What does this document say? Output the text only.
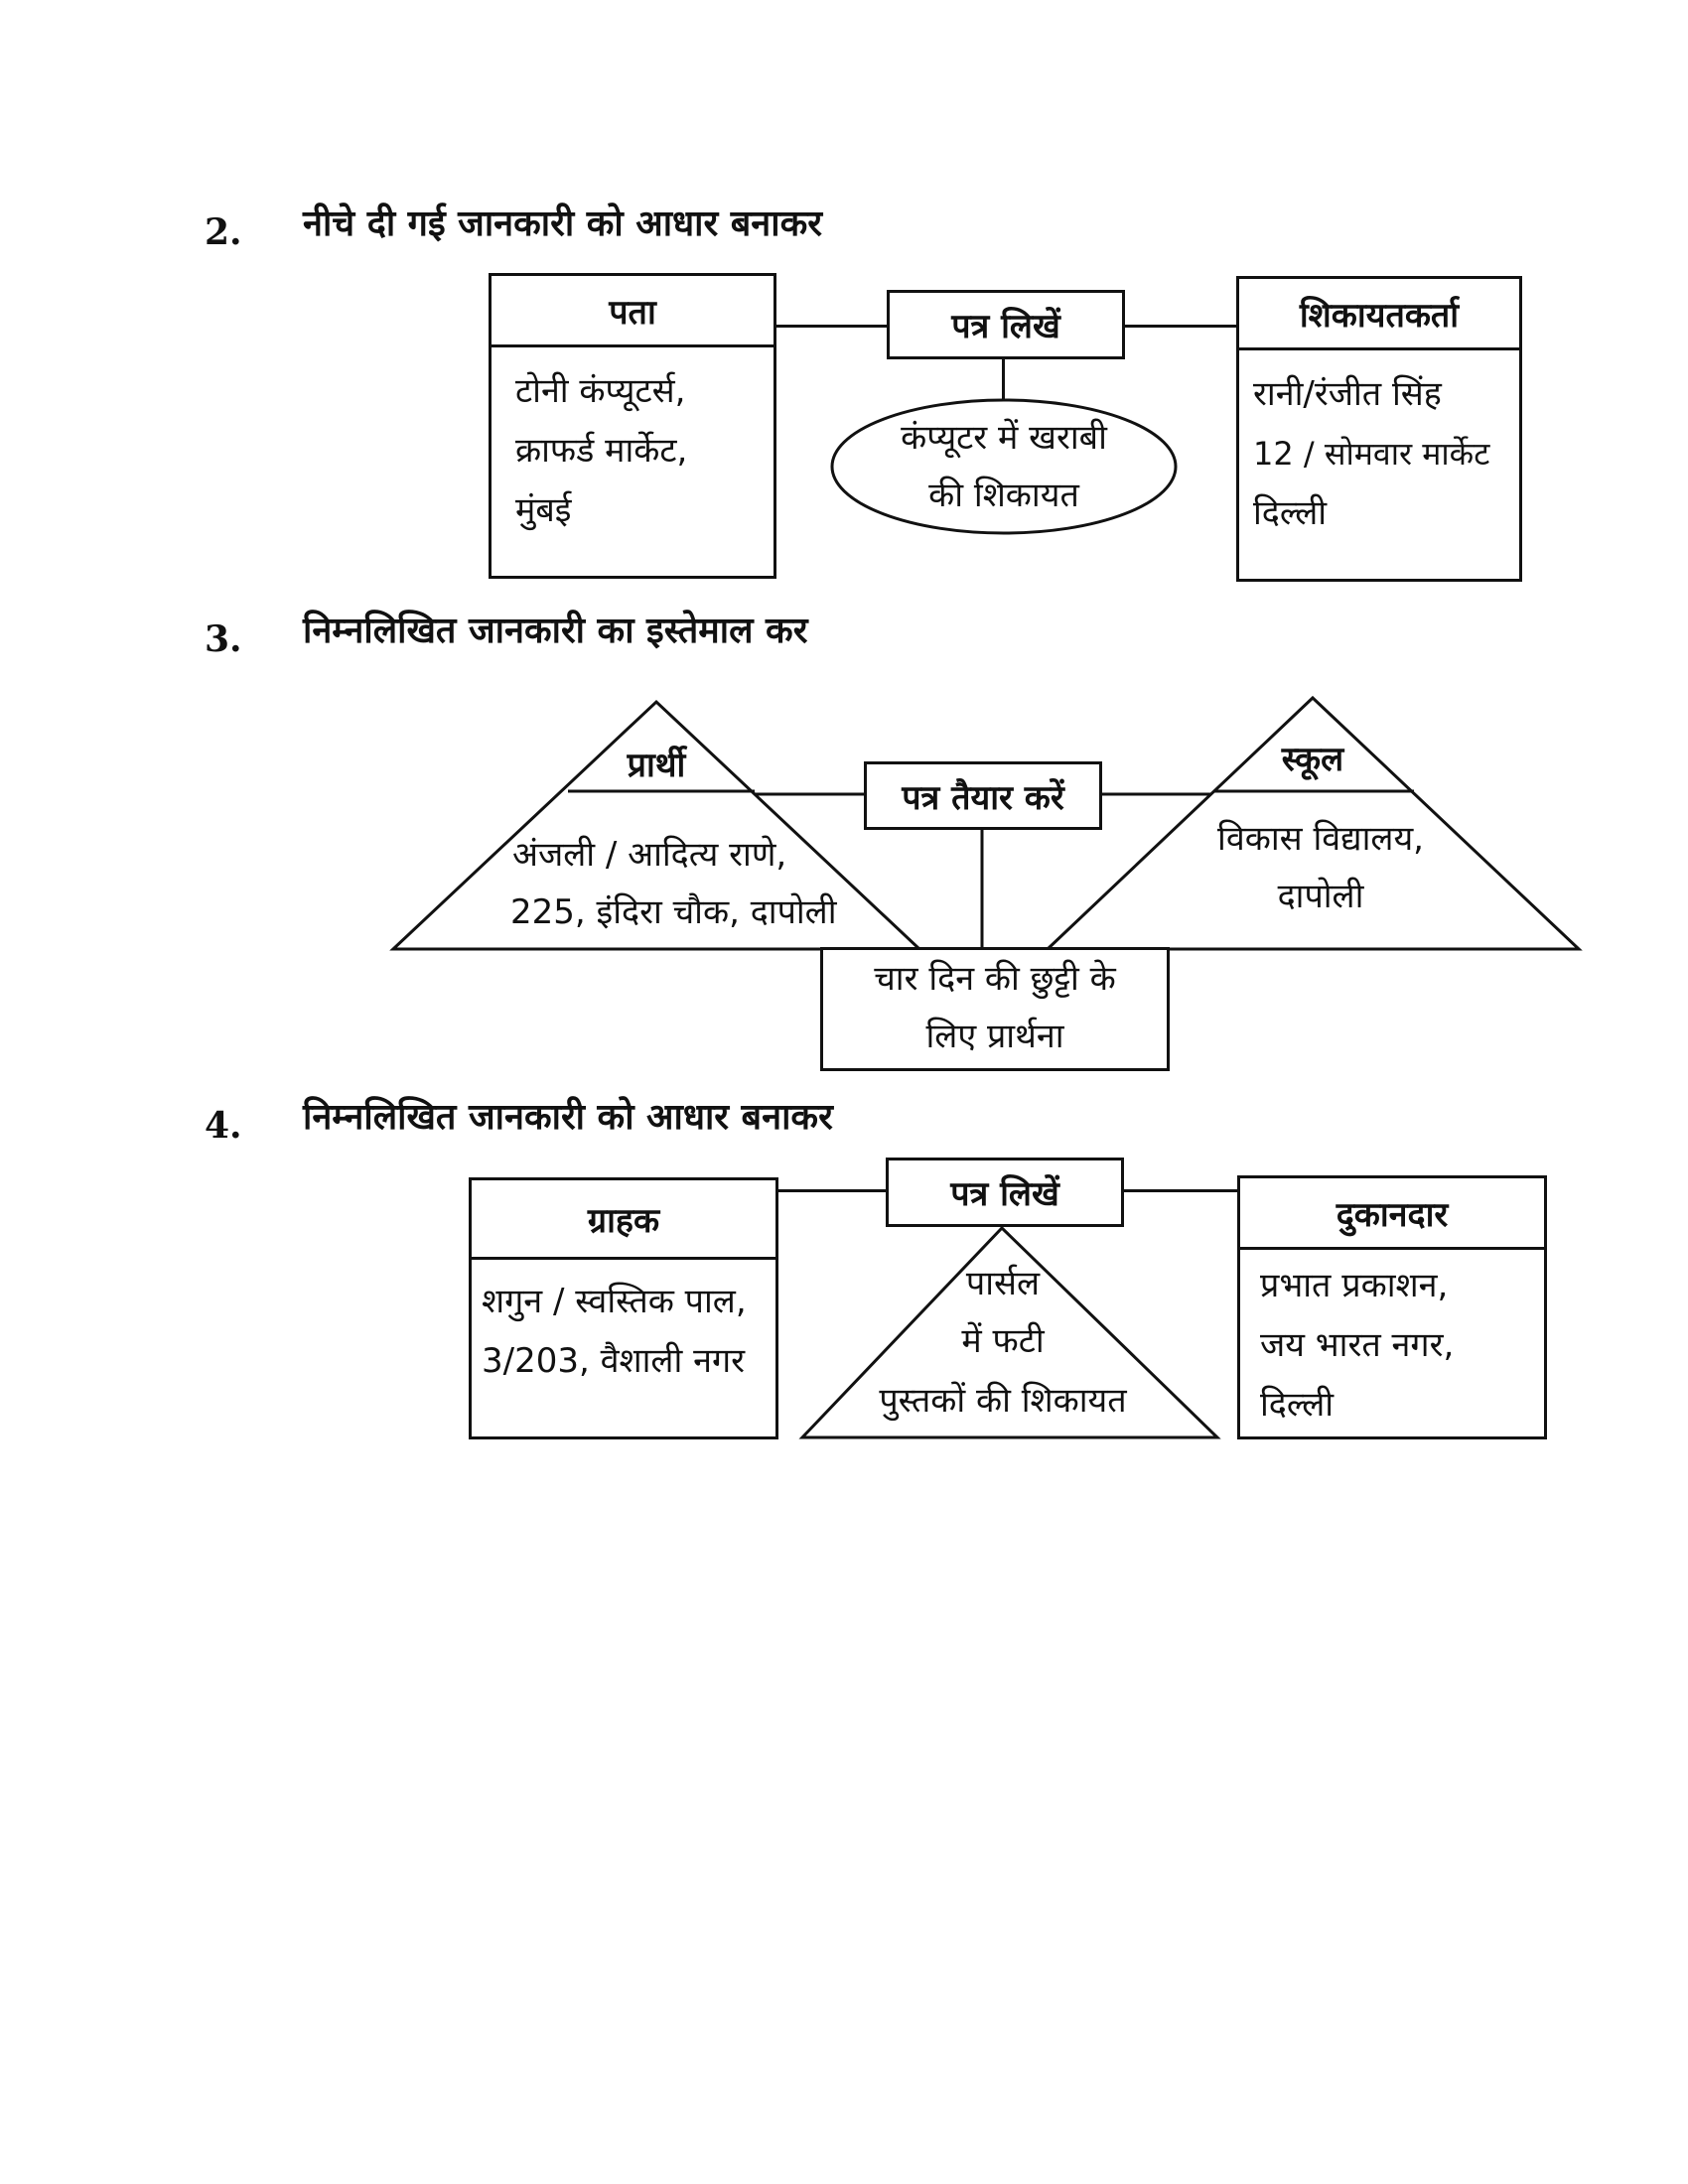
2. नीचे दी गई जानकारी को आधार बनाकर
पता
टोनी कंप्यूटर्स,
क्राफर्ड मार्केट,
मुंबई
पत्र लिखें
कंप्यूटर में खराबी
की शिकायत
शिकायतकर्ता
रानी/रंजीत सिंह
12 / सोमवार मार्केट
दिल्ली
3. निम्नलिखित जानकारी का इस्तेमाल कर
प्रार्थी
अंजली / आदित्य राणे,
225, इंदिरा चौक, दापोली
पत्र तैयार करें
स्कूल
विकास विद्यालय,
दापोली
चार दिन की छुट्टी के
लिए प्रार्थना
4. निम्नलिखित जानकारी को आधार बनाकर
ग्राहक
शगुन / स्वस्तिक पाल,
3/203, वैशाली नगर
पत्र लिखें
पार्सल
में फटी
पुस्तकों की शिकायत
दुकानदार
प्रभात प्रकाशन,
जय भारत नगर,
दिल्ली
